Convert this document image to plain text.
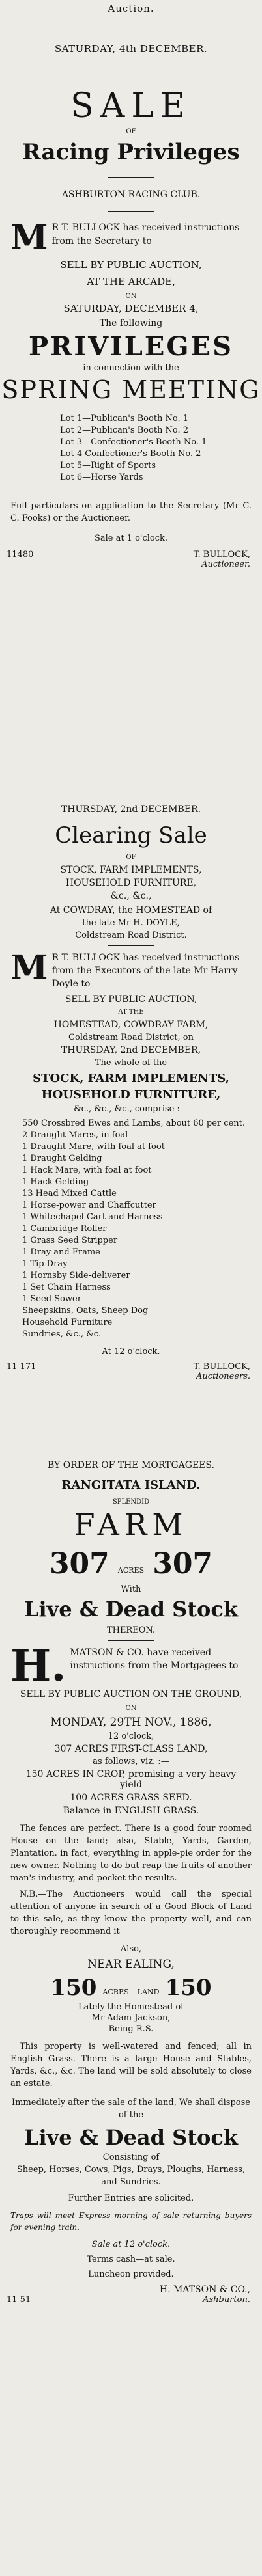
Auction.

SATURDAY, 4th DECEMBER.

SALE

OF

Racing Privileges

ASHBURTON RACING CLUB.

M R T. BULLOCK has received instructions from the Secretary to

SELL BY PUBLIC AUCTION,

AT THE ARCADE,

ON

SATURDAY, DECEMBER 4,

The following

PRIVILEGES

in connection with the

SPRING MEETING

Lot 1—Publican's Booth No. 1

Lot 2—Publican's Booth No. 2

Lot 3—Confectioner's Booth No. 1

Lot 4 Confectioner's Booth No. 2

Lot 5—Right of Sports

Lot 6—Horse Yards

Full particulars on application to the Secretary (Mr C. C. Fooks) or the Auctioneer.

Sale at 1 o'clock.

11480	T. BULLOCK,
Auctioneer.

THURSDAY, 2nd DECEMBER.

Clearing Sale

OF

STOCK, FARM IMPLEMENTS,

HOUSEHOLD FURNITURE,

&c., &c.,

At COWDRAY, the HOMESTEAD of

the late Mr H. DOYLE,

Coldstream Road District.

M R T. BULLOCK has received instructions from the Executors of the late Mr Harry Doyle to

SELL BY PUBLIC AUCTION,

AT THE

HOMESTEAD, COWDRAY FARM,

Coldstream Road District, on

THURSDAY, 2nd DECEMBER,

The whole of the

STOCK, FARM IMPLEMENTS,

HOUSEHOLD FURNITURE,

&c., &c., &c., comprise :—

550 Crossbred Ewes and Lambs, about 60 per cent.

2 Draught Mares, in foal

1 Draught Mare, with foal at foot

1 Draught Gelding

1 Hack Mare, with foal at foot

1 Hack Gelding

13 Head Mixed Cattle

1 Horse-power and Chaffcutter

1 Whitechapel Cart and Harness

1 Cambridge Roller

1 Grass Seed Stripper

1 Dray and Frame

1 Tip Dray

1 Hornsby Side-deliverer

1 Set Chain Harness

1 Seed Sower

Sheepskins, Oats, Sheep Dog

Household Furniture

Sundries, &c., &c.

At 12 o'clock.

11 171	T. BULLOCK,
Auctioneers.

BY ORDER OF THE MORTGAGEES.

RANGITATA ISLAND.

SPLENDID

FARM

307 ACRES 307

With

Live & Dead Stock

THEREON.

H. MATSON & CO. have received instructions from the Mortgagees to

SELL BY PUBLIC AUCTION ON THE GROUND,

ON

MONDAY, 29TH NOV., 1886,

12 o'clock,

307 ACRES FIRST-CLASS LAND,

as follows, viz. :—

150 ACRES IN CROP, promising a very heavy yield

100 ACRES GRASS SEED.

Balance in ENGLISH GRASS.

The fences are perfect. There is a good four roomed House on the land; also, Stable, Yards, Garden, Plantation. in fact, everything in apple-pie order for the new owner. Nothing to do but reap the fruits of another man's industry, and pocket the results.

N.B.—The Auctioneers would call the special attention of anyone in search of a Good Block of Land to this sale, as they know the property well, and can thoroughly recommend it

Also,

NEAR EALING,

150 ACRES LAND 150

Lately the Homestead of

Mr Adam Jackson,

Being R.S.

This property is well-watered and fenced; all in English Grass. There is a large House and Stables, Yards, &c., &c. The land will be sold absolutely to close an estate.

Immediately after the sale of the land, We shall dispose of the

Live & Dead Stock

Consisting of

Sheep, Horses, Cows, Pigs, Drays, Ploughs, Harness, and Sundries.

Further Entries are solicited.

Traps will meet Express morning of sale returning buyers for evening train.

Sale at 12 o'clock.

Terms cash—at sale.

Luncheon provided.

11 51
H. MATSON & CO.,
Ashburton.
